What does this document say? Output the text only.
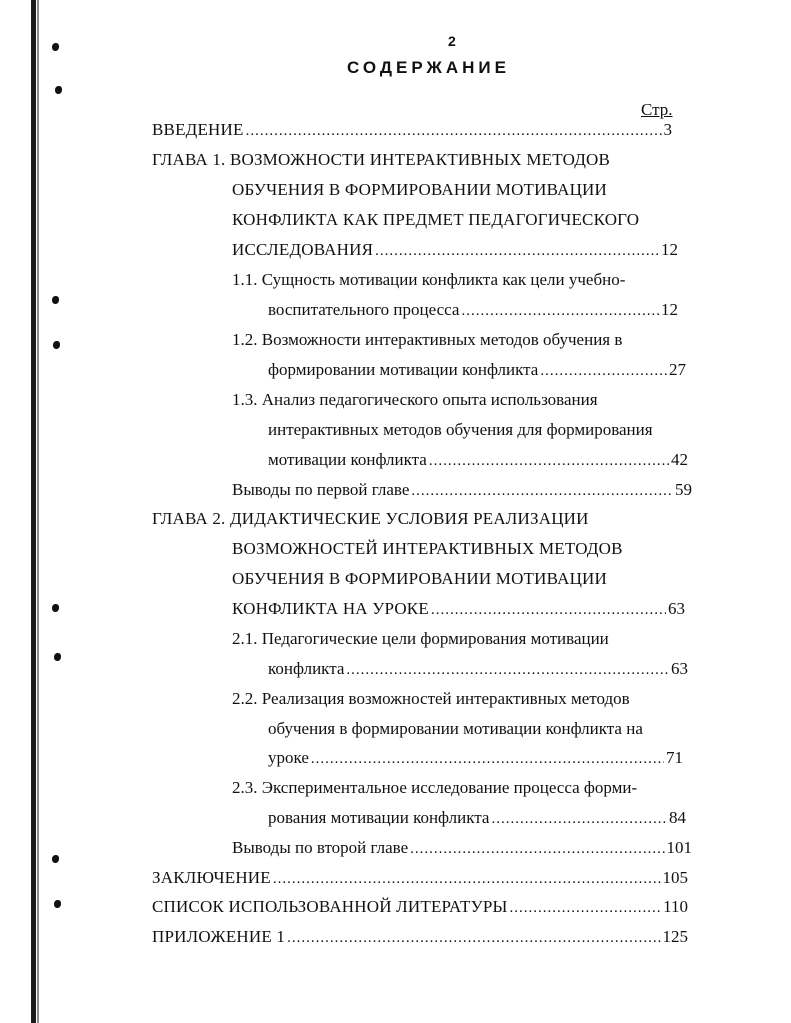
2
СОДЕРЖАНИЕ
Стр.
ВВЕДЕНИЕ .....	3
ГЛАВА 1. ВОЗМОЖНОСТИ ИНТЕРАКТИВНЫХ МЕТОДОВ
ОБУЧЕНИЯ В ФОРМИРОВАНИИ МОТИВАЦИИ
КОНФЛИКТА КАК ПРЕДМЕТ ПЕДАГОГИЧЕСКОГО
ИССЛЕДОВАНИЯ .....	12
1.1. Сущность мотивации конфликта как цели учебно-
воспитательного процесса .....	12
1.2. Возможности интерактивных методов обучения в
формировании мотивации конфликта .....	27
1.3. Анализ педагогического опыта использования
интерактивных методов обучения для формирования
мотивации конфликта .....	42
Выводы по первой главе .....	59
ГЛАВА 2. ДИДАКТИЧЕСКИЕ УСЛОВИЯ РЕАЛИЗАЦИИ
ВОЗМОЖНОСТЕЙ ИНТЕРАКТИВНЫХ МЕТОДОВ
ОБУЧЕНИЯ В ФОРМИРОВАНИИ МОТИВАЦИИ
КОНФЛИКТА НА УРОКЕ .....	63
2.1. Педагогические цели формирования мотивации
конфликта .....	63
2.2. Реализация возможностей интерактивных методов
обучения в формировании мотивации конфликта на
уроке .....	71
2.3. Экспериментальное исследование процесса форми-
рования мотивации конфликта .....	84
Выводы по второй главе .....	101
ЗАКЛЮЧЕНИЕ .....	105
СПИСОК ИСПОЛЬЗОВАННОЙ ЛИТЕРАТУРЫ .....	110
ПРИЛОЖЕНИЕ 1 .....	125
